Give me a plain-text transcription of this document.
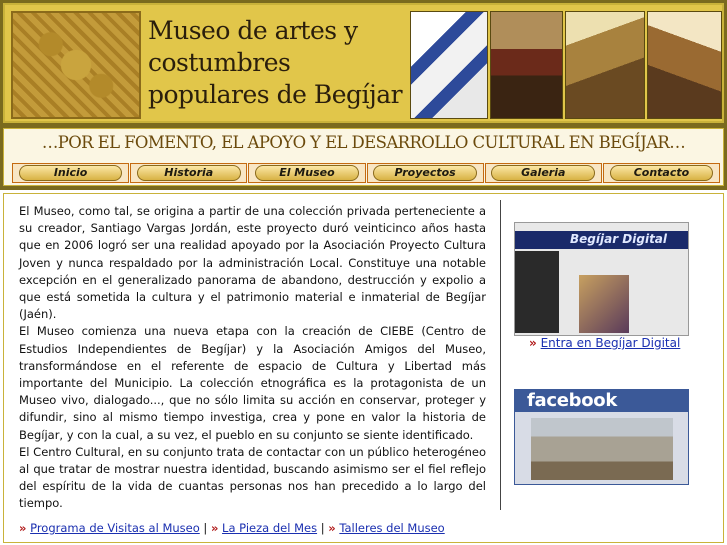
Museo de artes y costumbres populares de Begíjar
…POR EL FOMENTO, EL APOYO Y EL DESARROLLO CULTURAL EN BEGÍJAR…
Inicio	Historia	El Museo	Proyectos	Galeria	Contacto

El Museo, como tal, se origina a partir de una colección privada perteneciente a su creador, Santiago Vargas Jordán, este proyecto duró veinticinco años hasta que en 2006 logró ser una realidad apoyado por la Asociación Proyecto Cultura Joven y nunca respaldado por la administración Local. Constituye una notable excepción en el generalizado panorama de abandono, destrucción y expolio a que está sometida la cultura y el patrimonio material e inmaterial de Begíjar (Jaén).

El Museo comienza una nueva etapa con la creación de CIEBE (Centro de Estudios Independientes de Begíjar) y la Asociación Amigos del Museo, transformándose en el referente de espacio de Cultura y Libertad más importante del Municipio. La colección etnográfica es la protagonista de un Museo vivo, dialogado..., que no sólo limita su acción en conservar, proteger y difundir, sino al mismo tiempo investiga, crea y pone en valor la historia de Begíjar, y con la cual, a su vez, el pueblo en su conjunto se siente identificado.

El Centro Cultural, en su conjunto trata de contactar con un público heterogéneo al que tratar de mostrar nuestra identidad, buscando asimismo ser el fiel reflejo del espíritu de la vida de cuantas personas nos han precedido a lo largo del tiempo.

» Programa de Visitas al Museo | » La Pieza del Mes | » Talleres del Museo
Begíjar Digital
» Entra en Begíjar Digital
facebook
